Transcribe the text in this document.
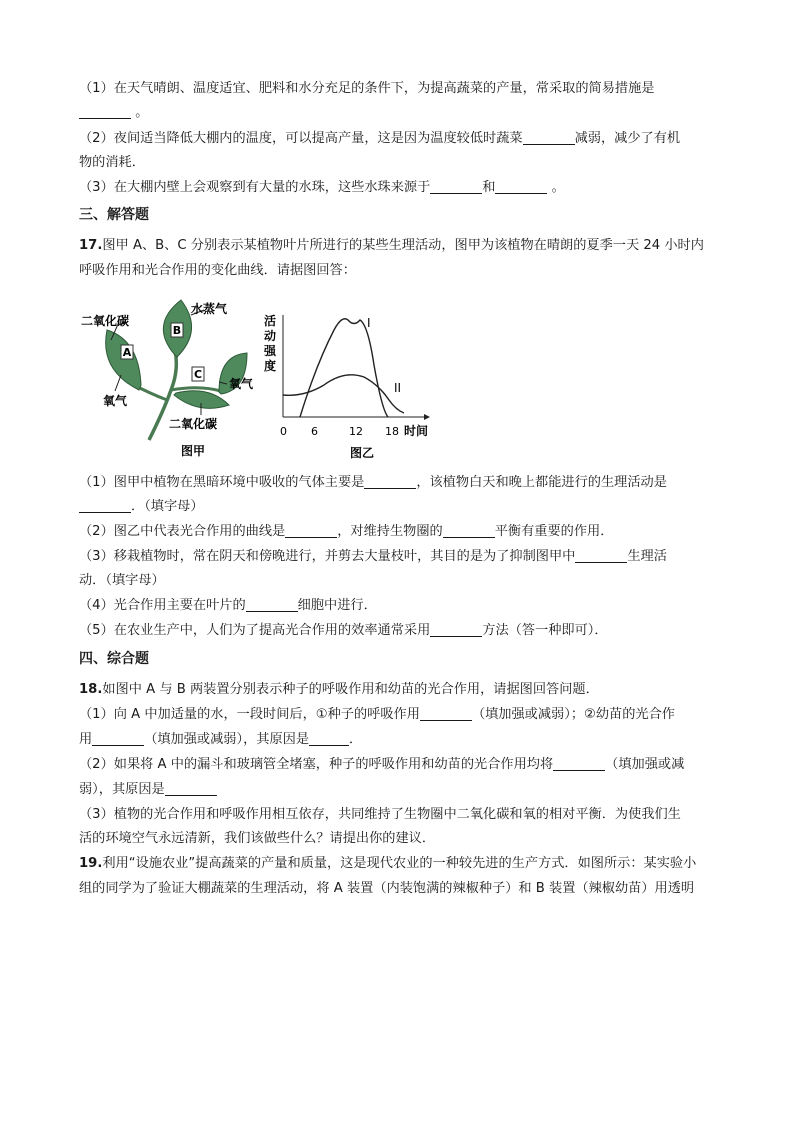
（1）在天气晴朗、温度适宜、肥料和水分充足的条件下，为提高蔬菜的产量，常采取的简易措施是
。
（2）夜间适当降低大棚内的温度，可以提高产量，这是因为温度较低时蔬菜	减弱，减少了有机
物的消耗．
（3）在大棚内壁上会观察到有大量的水珠，这些水珠来源于	和	。
三、解答题
17.图甲 A、B、C 分别表示某植物叶片所进行的某些生理活动，图甲为该植物在晴朗的夏季一天 24 小时内
呼吸作用和光合作用的变化曲线．请据图回答：
A
B
C
二氧化碳
水蒸气
氧气
氧气
二氧化碳
图甲
活
动
强
度
0 6	12 18 时间
I
II
图乙
（1）图甲中植物在黑暗环境中吸收的气体主要是	，该植物白天和晚上都能进行的生理活动是
．（填字母）
（2）图乙中代表光合作用的曲线是	，对维持生物圈的	平衡有重要的作用．
（3）移栽植物时，常在阴天和傍晚进行，并剪去大量枝叶，其目的是为了抑制图甲中	生理活
动．（填字母）
（4）光合作用主要在叶片的	细胞中进行．
（5）在农业生产中，人们为了提高光合作用的效率通常采用	方法（答一种即可）．
四、综合题
18.如图中 A 与 B 两装置分别表示种子的呼吸作用和幼苗的光合作用，请据图回答问题．
（1）向 A 中加适量的水，一段时间后，①种子的呼吸作用	（填加强或减弱）；②幼苗的光合作
用	（填加强或减弱），其原因是	．
（2）如果将 A 中的漏斗和玻璃管全堵塞，种子的呼吸作用和幼苗的光合作用均将	（填加强或减
弱），其原因是
（3）植物的光合作用和呼吸作用相互依存，共同维持了生物圈中二氧化碳和氧的相对平衡．为使我们生
活的环境空气永远清新，我们该做些什么？请提出你的建议．
19.利用“设施农业”提高蔬菜的产量和质量，这是现代农业的一种较先进的生产方式．如图所示：某实验小
组的同学为了验证大棚蔬菜的生理活动，将 A 装置（内装饱满的辣椒种子）和 B 装置（辣椒幼苗）用透明
